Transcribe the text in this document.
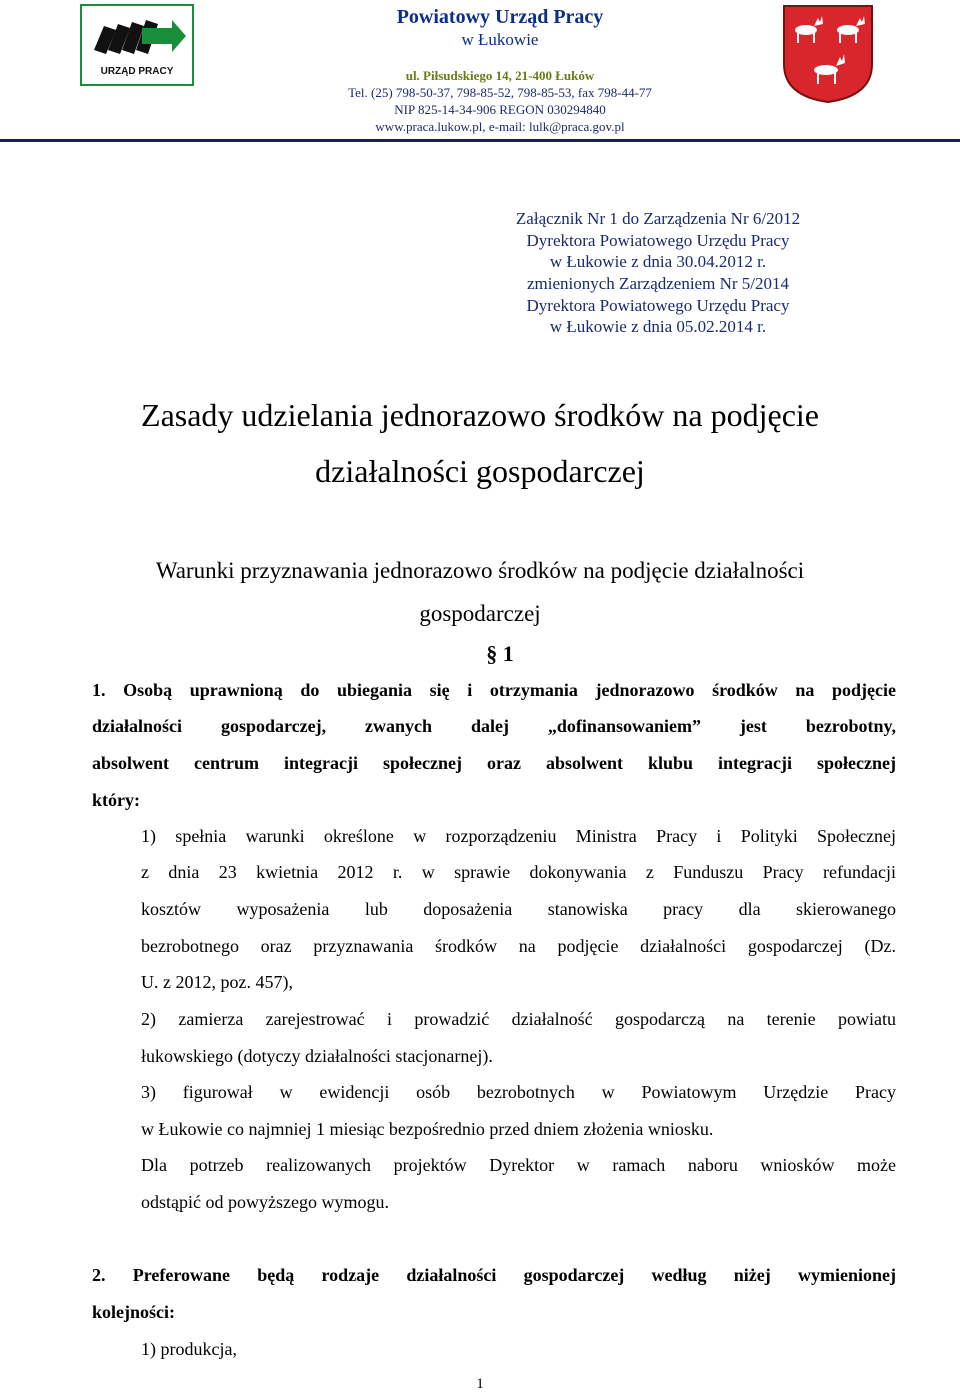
URZĄD PRACY
Powiatowy Urząd Pracy
w Łukowie
ul. Piłsudskiego 14, 21-400 Łuków
Tel. (25) 798-50-37, 798-85-52, 798-85-53, fax 798-44-77
NIP 825-14-34-906 REGON 030294840
www.praca.lukow.pl, e-mail: lulk@praca.gov.pl
Załącznik Nr 1 do Zarządzenia Nr 6/2012
Dyrektora Powiatowego Urzędu Pracy
w Łukowie z dnia 30.04.2012 r.
zmienionych Zarządzeniem Nr 5/2014
Dyrektora Powiatowego Urzędu Pracy
w Łukowie z dnia 05.02.2014 r.
Zasady udzielania jednorazowo środków na podjęcie
działalności gospodarczej
Warunki przyznawania jednorazowo środków na podjęcie działalności
gospodarczej
§ 1
1. Osobą uprawnioną do ubiegania się i otrzymania jednorazowo środków na podjęcie
działalności gospodarczej, zwanych dalej „dofinansowaniem” jest bezrobotny,
absolwent centrum integracji społecznej oraz absolwent klubu integracji społecznej
który:
1) spełnia warunki określone w rozporządzeniu Ministra Pracy i Polityki Społecznej
z dnia 23 kwietnia 2012 r. w sprawie dokonywania z Funduszu Pracy refundacji
kosztów wyposażenia lub doposażenia stanowiska pracy dla skierowanego
bezrobotnego oraz przyznawania środków na podjęcie działalności gospodarczej (Dz.
U. z 2012, poz. 457),
2) zamierza zarejestrować i prowadzić działalność gospodarczą na terenie powiatu
łukowskiego (dotyczy działalności stacjonarnej).
3) figurował w ewidencji osób bezrobotnych w Powiatowym Urzędzie Pracy
w Łukowie co najmniej 1 miesiąc bezpośrednio przed dniem złożenia wniosku.
Dla potrzeb realizowanych projektów Dyrektor w ramach naboru wniosków może
odstąpić od powyższego wymogu.
2. Preferowane będą rodzaje działalności gospodarczej według niżej wymienionej
kolejności:
1) produkcja,
1
